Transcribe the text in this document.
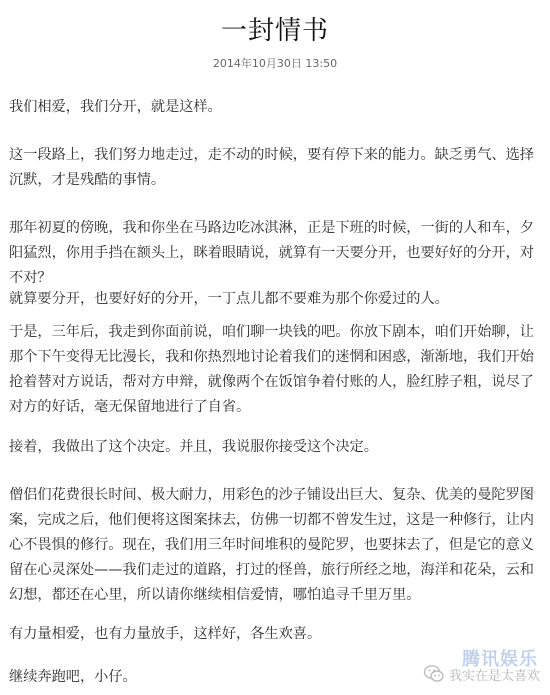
一封情书
2014年10月30日 13:50

我们相爱，我们分开，就是这样。

这一段路上，我们努力地走过，走不动的时候，要有停下来的能力。缺乏勇气、选择沉默，才是残酷的事情。

那年初夏的傍晚，我和你坐在马路边吃冰淇淋，正是下班的时候，一街的人和车，夕阳猛烈，你用手挡在额头上，眯着眼睛说，就算有一天要分开，也要好好的分开，对不对？

就算要分开，也要好好的分开，一丁点儿都不要难为那个你爱过的人。

于是，三年后，我走到你面前说，咱们聊一块钱的吧。你放下剧本，咱们开始聊，让那个下午变得无比漫长，我和你热烈地讨论着我们的迷惘和困惑，渐渐地，我们开始抢着替对方说话，帮对方申辩，就像两个在饭馆争着付账的人，脸红脖子粗，说尽了对方的好话，毫无保留地进行了自省。

接着，我做出了这个决定。并且，我说服你接受这个决定。

僧侣们花费很长时间、极大耐力，用彩色的沙子铺设出巨大、复杂、优美的曼陀罗图案，完成之后，他们便将这图案抹去，仿佛一切都不曾发生过，这是一种修行，让内心不畏惧的修行。现在，我们用三年时间堆积的曼陀罗，也要抹去了，但是它的意义留在心灵深处——我们走过的道路，打过的怪兽，旅行所经之地，海洋和花朵，云和幻想，都还在心里，所以请你继续相信爱情，哪怕追寻千里万里。

有力量相爱，也有力量放手，这样好，各生欢喜。

继续奔跑吧，小仔。

腾讯娱乐
我实在是太喜欢
